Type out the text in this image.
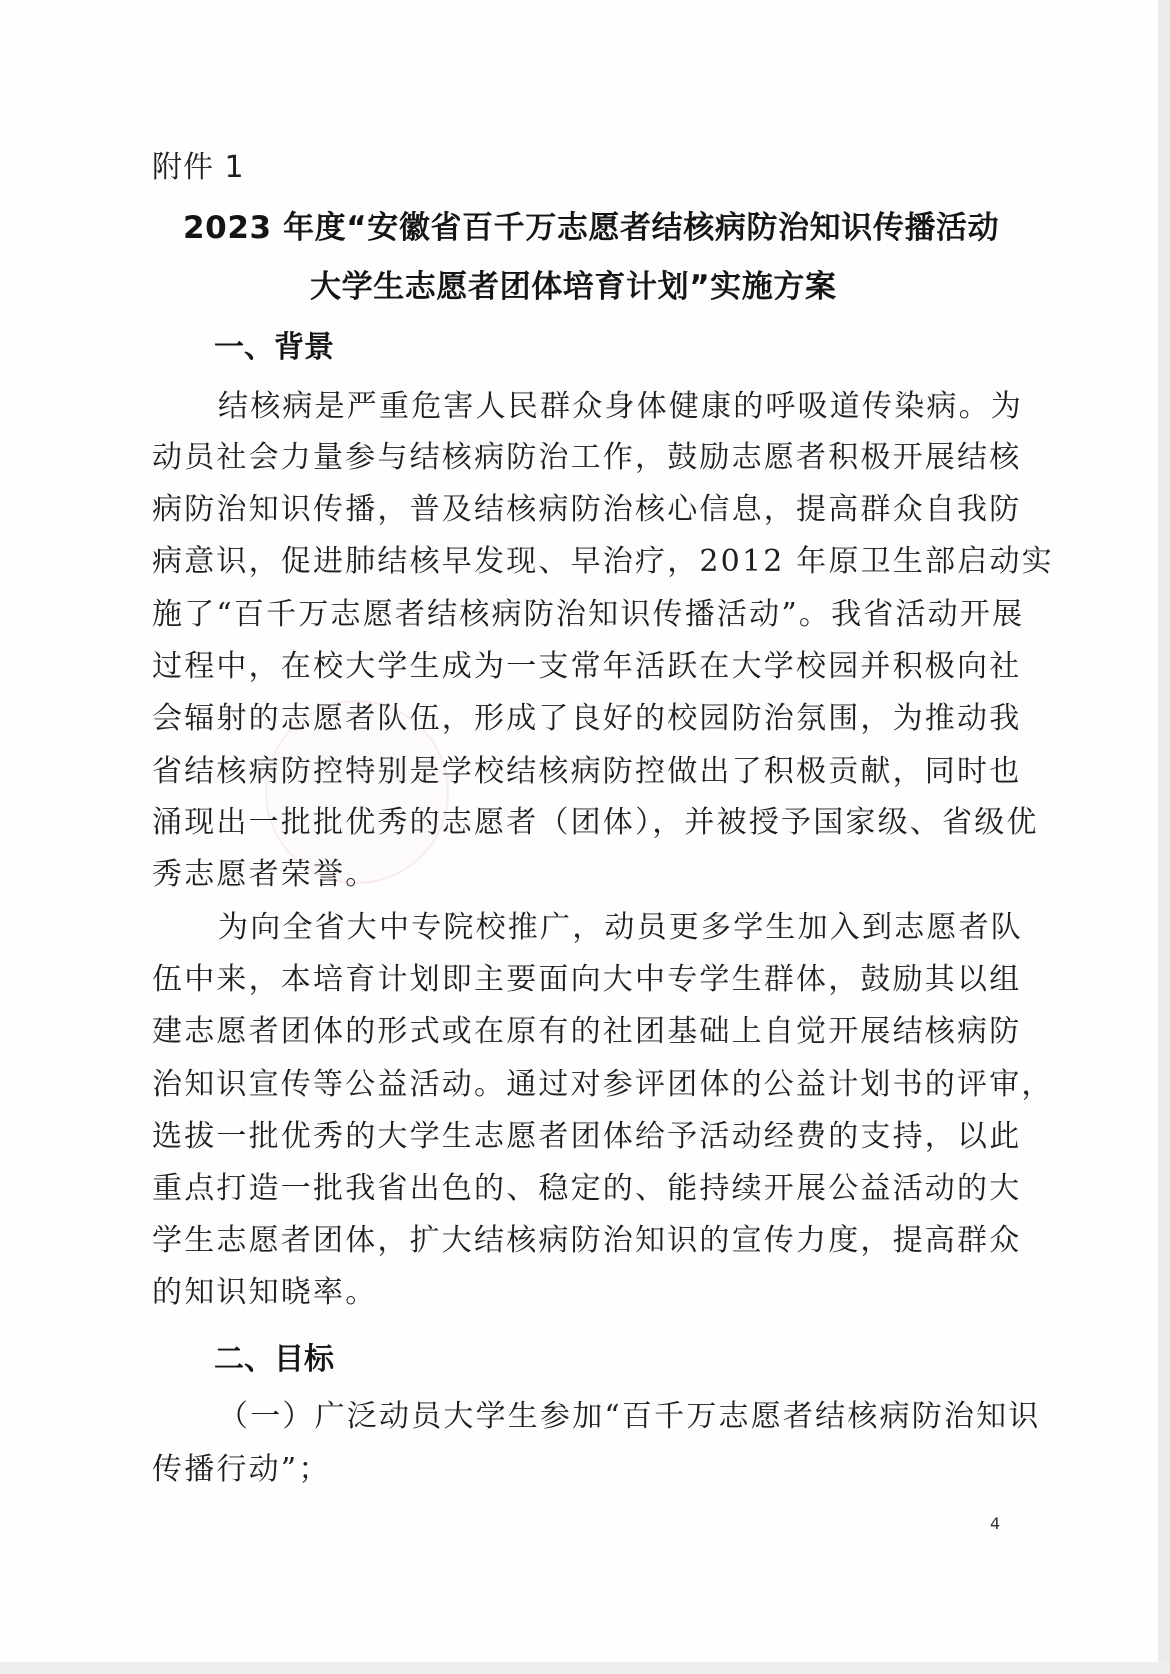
附件 1
2023 年度“安徽省百千万志愿者结核病防治知识传播活动
大学生志愿者团体培育计划”实施方案
一、背景
结核病是严重危害人民群众身体健康的呼吸道传染病。为
动员社会力量参与结核病防治工作，鼓励志愿者积极开展结核
病防治知识传播，普及结核病防治核心信息，提高群众自我防
病意识，促进肺结核早发现、早治疗，2012 年原卫生部启动实
施了“百千万志愿者结核病防治知识传播活动”。我省活动开展
过程中，在校大学生成为一支常年活跃在大学校园并积极向社
会辐射的志愿者队伍，形成了良好的校园防治氛围，为推动我
省结核病防控特别是学校结核病防控做出了积极贡献，同时也
涌现出一批批优秀的志愿者（团体），并被授予国家级、省级优
秀志愿者荣誉。
为向全省大中专院校推广，动员更多学生加入到志愿者队
伍中来，本培育计划即主要面向大中专学生群体，鼓励其以组
建志愿者团体的形式或在原有的社团基础上自觉开展结核病防
治知识宣传等公益活动。通过对参评团体的公益计划书的评审，
选拔一批优秀的大学生志愿者团体给予活动经费的支持，以此
重点打造一批我省出色的、稳定的、能持续开展公益活动的大
学生志愿者团体，扩大结核病防治知识的宣传力度，提高群众
的知识知晓率。
二、目标
（一）广泛动员大学生参加“百千万志愿者结核病防治知识
传播行动”；
4
